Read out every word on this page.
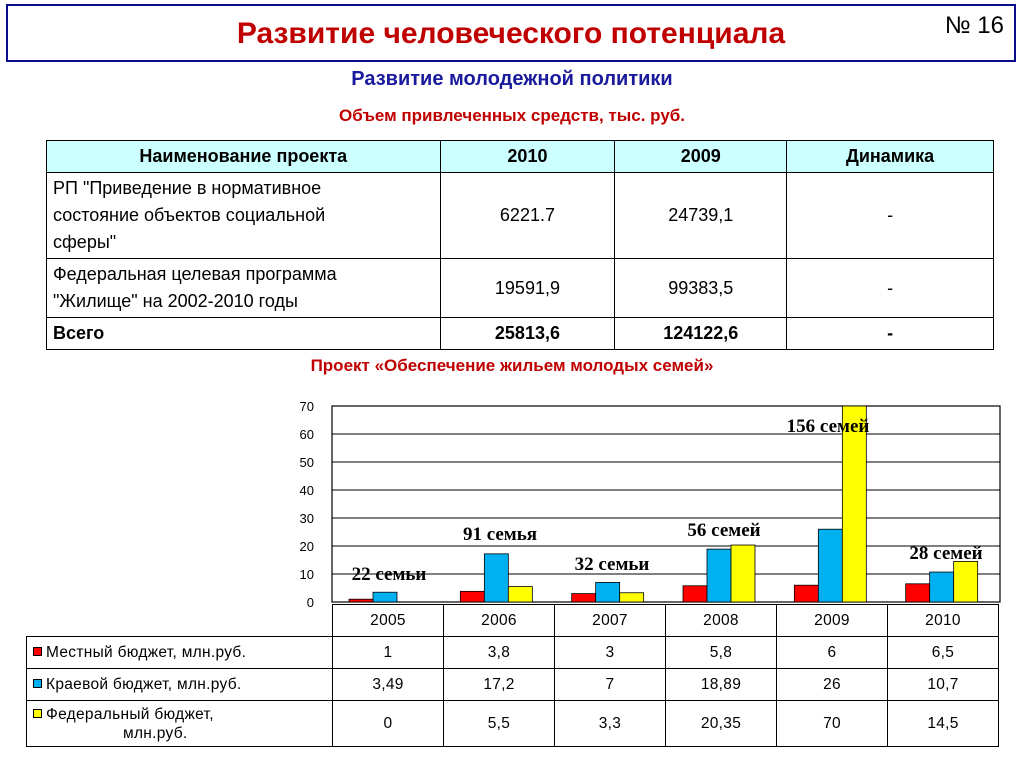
Развитие человеческого потенциала	№ 16
Развитие молодежной политики
Объем привлеченных средств, тыс. руб.
Наименование проекта	2010	2009	Динамика

РП "Приведение в нормативное
состояние объектов социальной
сферы"	6221.7	24739,1	-

Федеральная целевая программа
"Жилище" на 2002-2010 годы	19591,9	99383,5	-
Всего	25813,6	124122,6	-
Проект «Обеспечение жильем молодых семей»
0
10
20
30
40
50
60
70
22 семьи
91 семья
32 семьи
56 семей
156 семей
28 семей
	2005	2006	2007	2008	2009	2010
Местный бюджет, млн.руб.	1	3,8	3	5,8	6	6,5
Краевой бюджет, млн.руб.	3,49	17,2	7	18,89	26	10,7
Федеральный бюджет,
млн.руб.	0	5,5	3,3	20,35	70	14,5
